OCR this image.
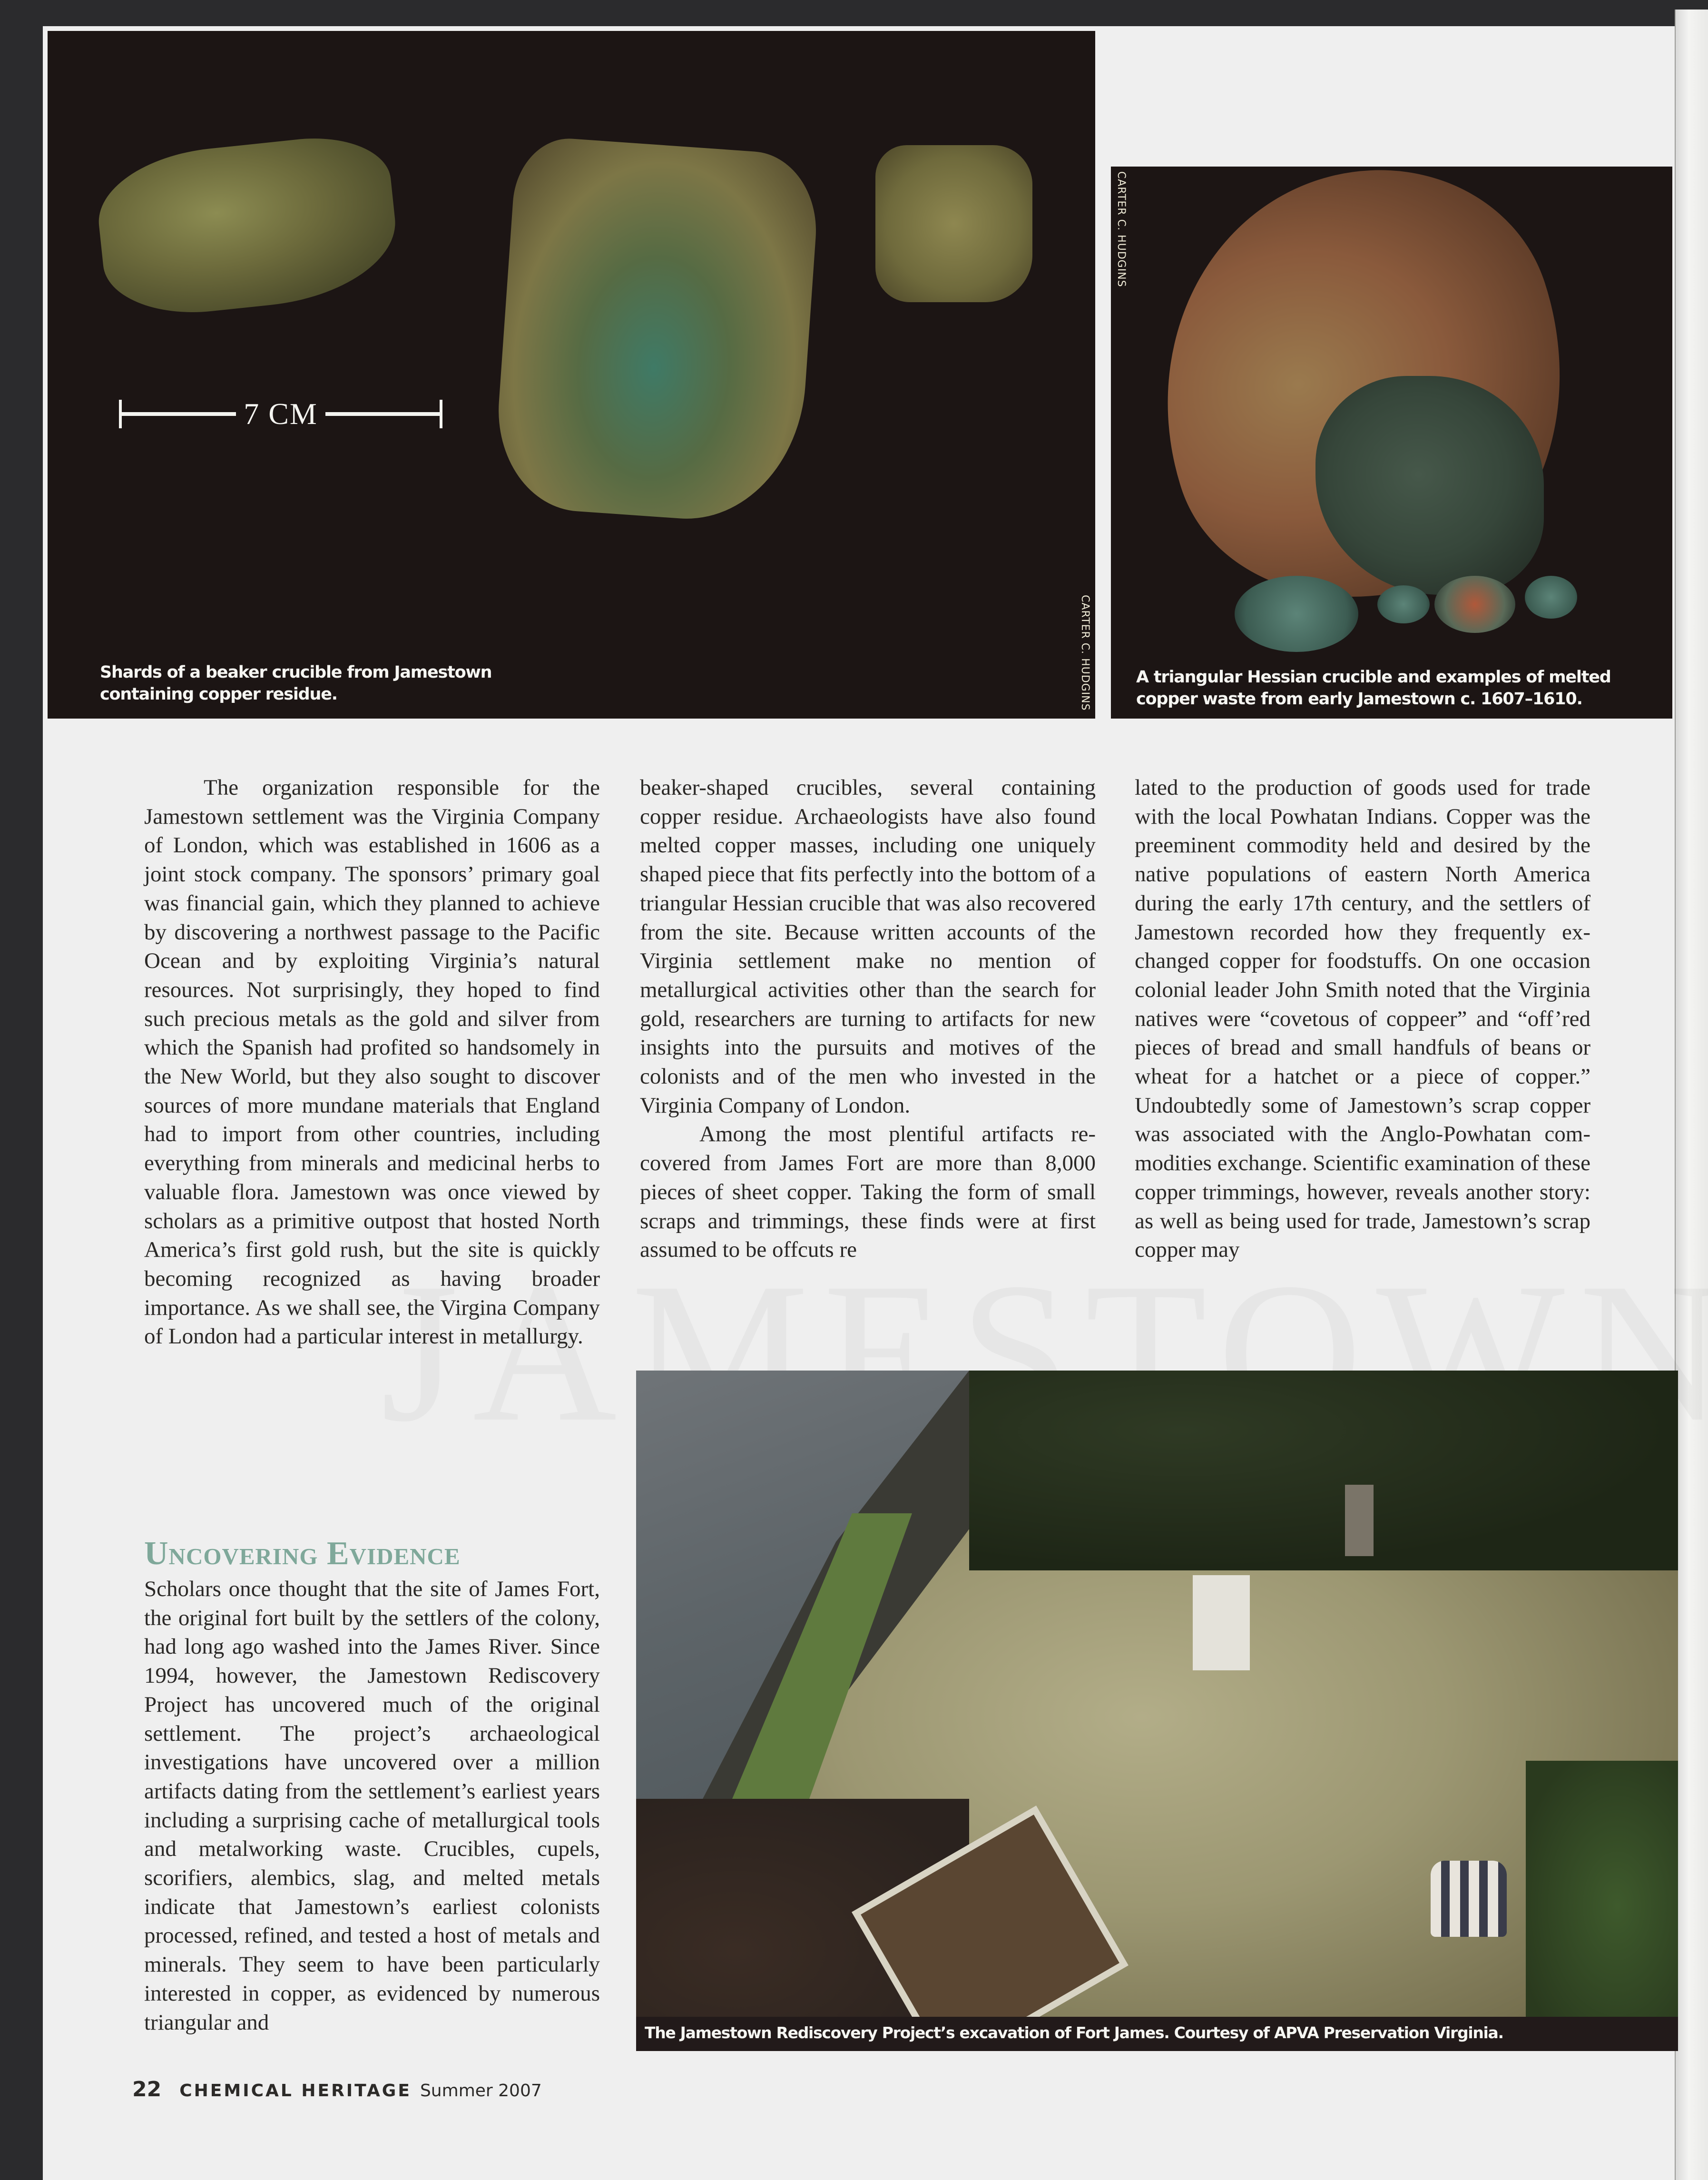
7 CM
Shards of a beaker crucible from Jamestown containing copper residue.	CARTER C. HUDGINS
CARTER C. HUDGINS
A triangular Hessian crucible and examples of melted copper waste from early Jamestown c. 1607–1610.

The organization responsible for the Jamestown settlement was the Virginia Company of London, which was established in 1606 as a joint stock company. The sponsors’ primary goal was financial gain, which they planned to achieve by discovering a northwest passage to the Pacific Ocean and by exploiting Virginia’s natural resources. Not surprisingly, they hoped to find such precious metals as the gold and silver from which the Spanish had profited so handsomely in the New World, but they also sought to discover sources of more mundane materials that England had to import from other countries, including everything from minerals and medicinal herbs to valuable flora. Jamestown was once viewed by scholars as a primitive outpost that hosted North America’s first gold rush, but the site is quickly becoming recognized as having broader importance. As we shall see, the Virgina Company of London had a particular interest in metallurgy.

Uncovering Evidence

Scholars once thought that the site of James Fort, the original fort built by the settlers of the colony, had long ago washed into the James River. Since 1994, however, the Jamestown Rediscovery Project has uncovered much of the original settlement. The project’s archaeological investigations have uncovered over a million artifacts dating from the settlement’s earliest years including a surprising cache of metallurgical tools and metalworking waste. Crucibles, cupels, scorifiers, alembics, slag, and melted metals indicate that Jamestown’s earliest colonists processed, refined, and tested a host of metals and minerals. They seem to have been particularly interested in copper, as evidenced by numerous triangular and

beaker-shaped crucibles, several containing copper residue. Archaeologists have also found melted copper masses, including one uniquely shaped piece that fits perfectly into the bottom of a triangular Hessian crucible that was also recovered from the site. Because written accounts of the Virginia settlement make no mention of metallurgical activities other than the search for gold, researchers are turning to artifacts for new insights into the pursuits and motives of the colonists and of the men who invested in the Virginia Company of London.

Among the most plentiful artifacts recovered from James Fort are more than 8,000 pieces of sheet copper. Taking the form of small scraps and trimmings, these finds were at first assumed to be offcuts re

lated to the production of goods used for trade with the local Powhatan Indians. Copper was the preeminent commodity held and desired by the native populations of eastern North America during the early 17th century, and the settlers of Jamestown recorded how they frequently exchanged copper for foodstuffs. On one occasion colonial leader John Smith noted that the Virginia natives were “covetous of coppeer” and “off’red pieces of bread and small handfuls of beans or wheat for a hatchet or a piece of copper.” Undoubtedly some of Jamestown’s scrap copper was associated with the Anglo-Powhatan commodities exchange. Scientific examination of these copper trimmings, however, reveals another story: as well as being used for trade, Jamestown’s scrap copper may

The Jamestown Rediscovery Project’s excavation of Fort James. Courtesy of APVA Preservation Virginia.
22 CHEMICAL HERITAGE Summer 2007
